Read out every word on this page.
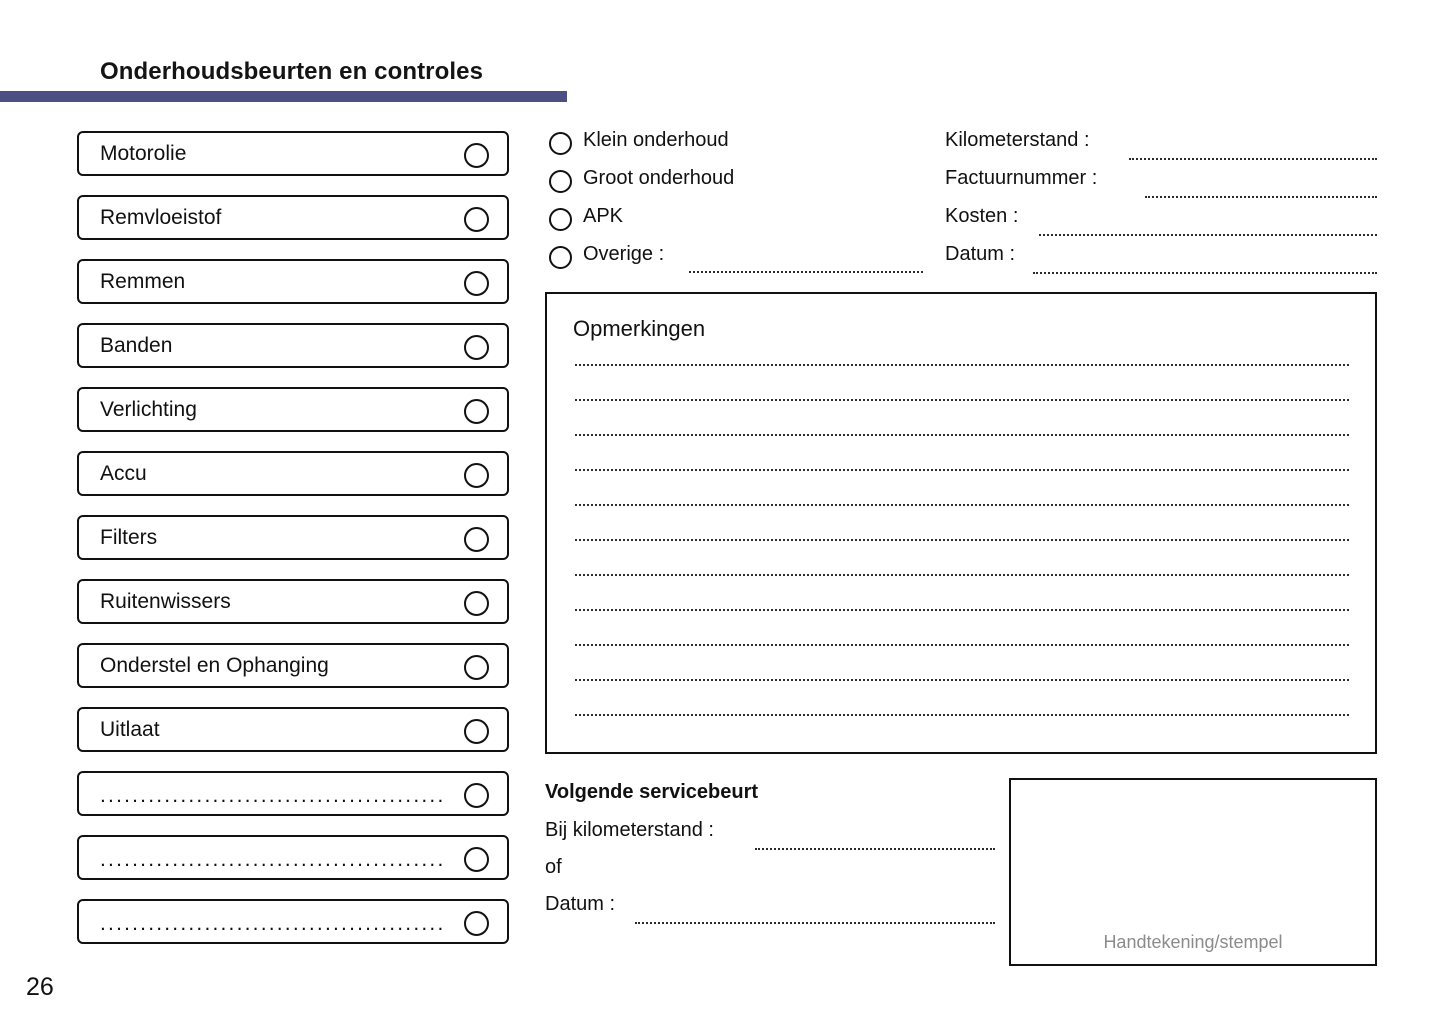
Onderhoudsbeurten en controles
Motorolie
Remvloeistof
Remmen
Banden
Verlichting
Accu
Filters
Ruitenwissers
Onderstel en Ophanging
Uitlaat
...........................................
...........................................
...........................................
Klein onderhoud
Groot onderhoud
APK
Overige :
Kilometerstand :
Factuurnummer :
Kosten :
Datum :
Opmerkingen
Volgende servicebeurt
Bij kilometerstand :
of
Datum :
Handtekening/stempel
26
